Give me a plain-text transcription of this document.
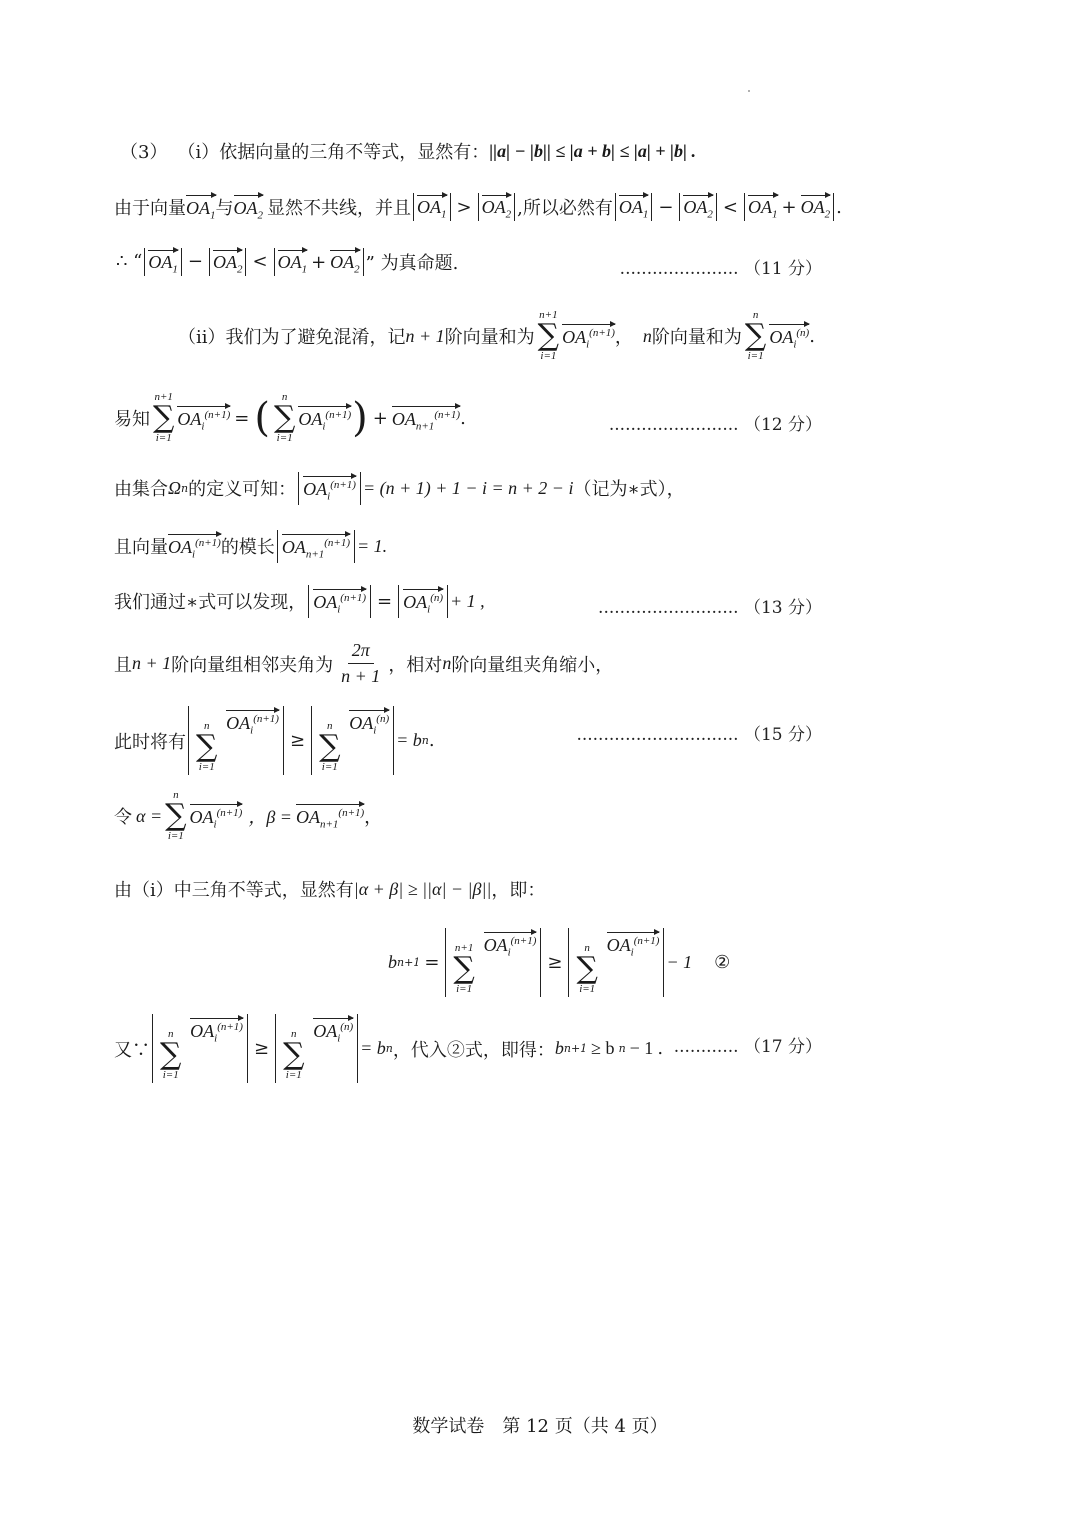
（3） （i）依据向量的三角不等式，显然有： ||a| − |b|| ≤ |a + b| ≤ |a| + |b| .
由于向量 $OA_1$ 与 $OA_2$ 显然不共线，并且 $OA_1 > OA_2$ ,所以必然有 $OA_1 - OA_2 < OA_1 + OA_2$ .
∴ “ $OA_1 - OA_2 < OA_1 + OA_2$ ” 为真命题.	...................... （11 分）
（ii）我们为了避免混淆，记 n + 1 阶向量和为
n+1
∑
i=1
$OA_i^{(n+1)}$ ， n 阶向量和为
n
∑
i=1
$OA_i^{(n)}$ .
易知
n+1
∑
i=1
$OA_i^{(n+1)}$ = ( n
∑
i=1
$OA_i^{(n+1)}$ ) + $OA_{n+1}^{(n+1)}$ .	........................ （12 分）
由集合 Ω n 的定义可知： $OA_i^{(n+1)} = (n + 1) + 1 - i = n + 2 - i$ （记为∗式），
且向量 $OA_i^{(n+1)}$ 的模长 $OA_{n+1}^{(n+1)} = 1$.
我们通过∗式可以发现， $OA_i^{(n+1)} = OA_i^{(n)} + 1$ ,	.......................... （13 分）
且 n + 1 阶向量组相邻夹角为 $\frac{2\pi}{n + 1}$ ，相对 n 阶向量组夹角缩小，
此时将有
n
∑
i=1
$OA_i^{(n+1)}$
≥
n
∑
i=1
$OA_i^{(n)}$
= b n .	.............................. （15 分）
令 α =
n
∑
i=1
$OA_i^{(n+1)}$ ，$\beta = OA_{n+1}^{(n+1)}$ ，
由（i）中三角不等式，显然有 |α + β| ≥ ||α| − |β|| ，即：
b n+1 =
n+1
∑
i=1
$OA_i^{(n+1)}$
≥
n
∑
i=1
$OA_i^{(n+1)}$
− 1 ②
又∵
n
∑
i=1
$OA_i^{(n+1)}$
≥
n
∑
i=1
$OA_i^{(n)}$
= b n ，代入②式，即得： b n+1 ≥ b n − 1 . ............ （17 分）
数学试卷　第 12 页（共 4 页）
